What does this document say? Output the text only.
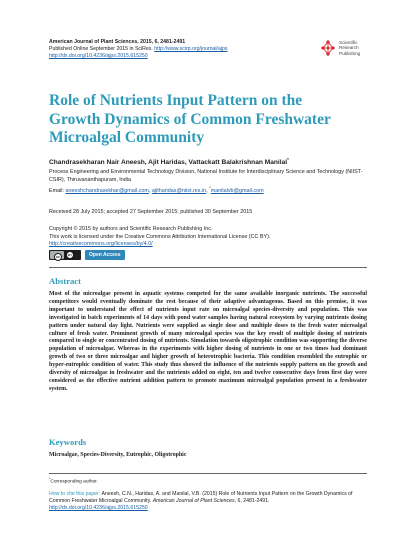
American Journal of Plant Sciences, 2015, 6, 2481-2491
Published Online September 2015 in SciRes. http://www.scirp.org/journal/ajps
http://dx.doi.org/10.4236/ajps.2015.615250
Scientific
Research
Publishing
Role of Nutrients Input Pattern on the Growth Dynamics of Common Freshwater Microalgal Community
Chandrasekharan Nair Aneesh, Ajit Haridas, Vattackatt Balakrishnan Manilal*
Process Engineering and Environmental Technology Division, National Institute for Interdisciplinary Science and Technology (NIIST-CSIR), Thiruvananthapuram, India
Email: aneeshchandrasekhar@gmail.com, ajitharidas@niist.res.in, *manilalvb@gmail.com
Received 28 July 2015; accepted 27 September 2015; published 30 September 2015
Copyright © 2015 by authors and Scientific Research Publishing Inc.
This work is licensed under the Creative Commons Attribution International License (CC BY).
http://creativecommons.org/licenses/by/4.0/
cc	BY	Open Access
Abstract

Most of the microalgae present in aquatic systems competed for the same available inorganic nutrients. The successful competitors would eventually dominate the rest because of their adaptive advantageous. Based on this premise, it was important to understand the effect of nutrients input rate on microalgal species-diversity and population. This was investigated in batch experiments of 14 days with pond water samples having natural ecosystem by varying nutrients dosing pattern under natural day light. Nutrients were supplied as single dose and multiple doses to the fresh water microalgal culture of fresh water. Prominent growth of many microalgal species was the key result of multiple dosing of nutrients compared to single or concentrated dosing of nutrients. Simulation towards oligotrophic condition was supporting the diverse population of microalgae. Whereas in the experiments with higher dosing of nutrients in one or two times had dominant growth of two or three microalgae and higher growth of heterotrophic bacteria. This condition resembled the eutrophic or hyper-eutrophic condition of water. This study thus showed the influence of the nutrients supply pattern on the growth and diversity of microalgae in freshwater and the nutrients added on eight, ten and twelve consecutive days from first day were considered as the effective nutrient addition pattern to promote maximum microalgal population present in a freshwater system.

Keywords
Microalgae, Species-Diversity, Eutrophic, Oligotrophic
*Corresponding author.
How to cite this paper: Aneesh, C.N., Haridas, A. and Manilal, V.B. (2015) Role of Nutrients Input Pattern on the Growth Dynamics of Common Freshwater Microalgal Community. American Journal of Plant Sciences, 6, 2481-2491.
http://dx.doi.org/10.4236/ajps.2015.615250
